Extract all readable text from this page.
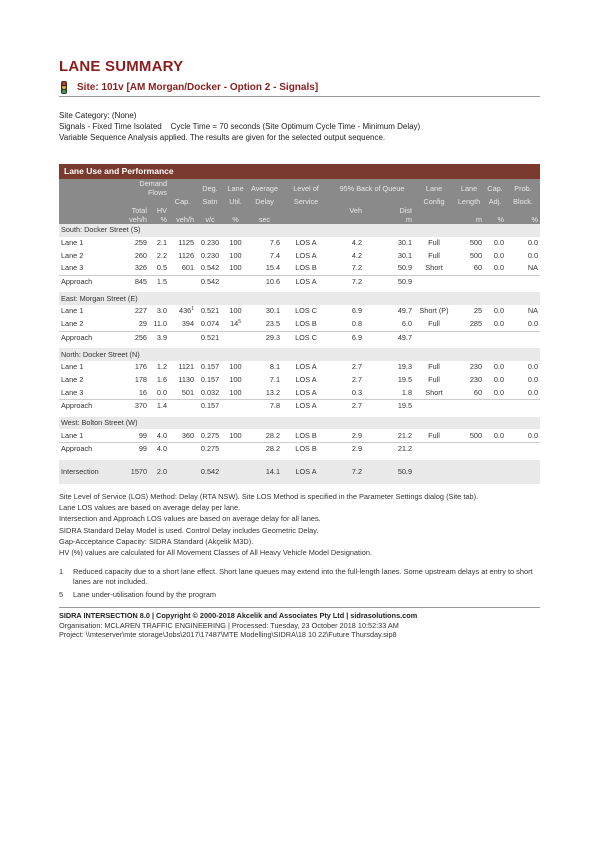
LANE SUMMARY
Site: 101v [AM Morgan/Docker - Option 2 - Signals]
Site Category: (None)
Signals - Fixed Time Isolated    Cycle Time = 70 seconds (Site Optimum Cycle Time - Minimum Delay)
Variable Sequence Analysis applied. The results are given for the selected output sequence.
Lane Use and Performance
	Demand Flows			Deg.	Lane	Average	Level of	95% Back of Queue		Lane	Lane	Cap.	Prob.
			Cap.	Satn	Util.	Delay	Service			Config	Length	Adj.	Block.
	Total	HV						Veh	Dist				
	veh/h	%	veh/h	v/c	%	sec			m		m	%	%
South: Docker Street (S)													
Lane 1	259	2.1	1125	0.230	100	7.6	LOS A	4.2	30.1	Full	500	0.0	0.0
Lane 2	260	2.2	1126	0.230	100	7.4	LOS A	4.2	30.1	Full	500	0.0	0.0
Lane 3	326	0.5	601	0.542	100	15.4	LOS B	7.2	50.9	Short	60	0.0	NA
Approach	845	1.5		0.542		10.6	LOS A	7.2	50.9				

East: Morgan Street (E)													
Lane 1	227	3.0	$436^1$	0.521	100	30.1	LOS C	6.9	49.7	Short (P)	25	0.0	NA
Lane 2	29	11.0	394	0.074	$14^5$	23.5	LOS B	0.8	6.0	Full	285	0.0	0.0
Approach	256	3.9		0.521		29.3	LOS C	6.9	49.7				

North: Docker Street (N)													
Lane 1	176	1.2	1121	0.157	100	8.1	LOS A	2.7	19.3	Full	230	0.0	0.0
Lane 2	178	1.6	1130	0.157	100	7.1	LOS A	2.7	19.5	Full	230	0.0	0.0
Lane 3	16	0.0	501	0.032	100	13.2	LOS A	0.3	1.8	Short	60	0.0	0.0
Approach	370	1.4		0.157		7.8	LOS A	2.7	19.5				

West: Bolton Street (W)													
Lane 1	99	4.0	360	0.275	100	28.2	LOS B	2.9	21.2	Full	500	0.0	0.0
Approach	99	4.0		0.275		28.2	LOS B	2.9	21.2				

Intersection	1570	2.0		0.542		14.1	LOS A	7.2	50.9				
Site Level of Service (LOS) Method: Delay (RTA NSW). Site LOS Method is specified in the Parameter Settings dialog (Site tab).
Lane LOS values are based on average delay per lane.
Intersection and Approach LOS values are based on average delay for all lanes.
SIDRA Standard Delay Model is used. Control Delay includes Geometric Delay.
Gap-Acceptance Capacity: SIDRA Standard (Akçelik M3D).
HV (%) values are calculated for All Movement Classes of All Heavy Vehicle Model Designation.
1 Reduced capacity due to a short lane effect. Short lane queues may extend into the full-length lanes. Some upstream delays at entry to short lanes are not included.
5 Lane under-utilisation found by the program
SIDRA INTERSECTION 8.0 | Copyright © 2000-2018 Akcelik and Associates Pty Ltd | sidrasolutions.com
Organisation: MCLAREN TRAFFIC ENGINEERING | Processed: Tuesday, 23 October 2018 10:52:33 AM
Project: \\mteserver\mte storage\Jobs\2017\17487\MTE Modelling\SIDRA\18 10 22\Future Thursday.sip8
